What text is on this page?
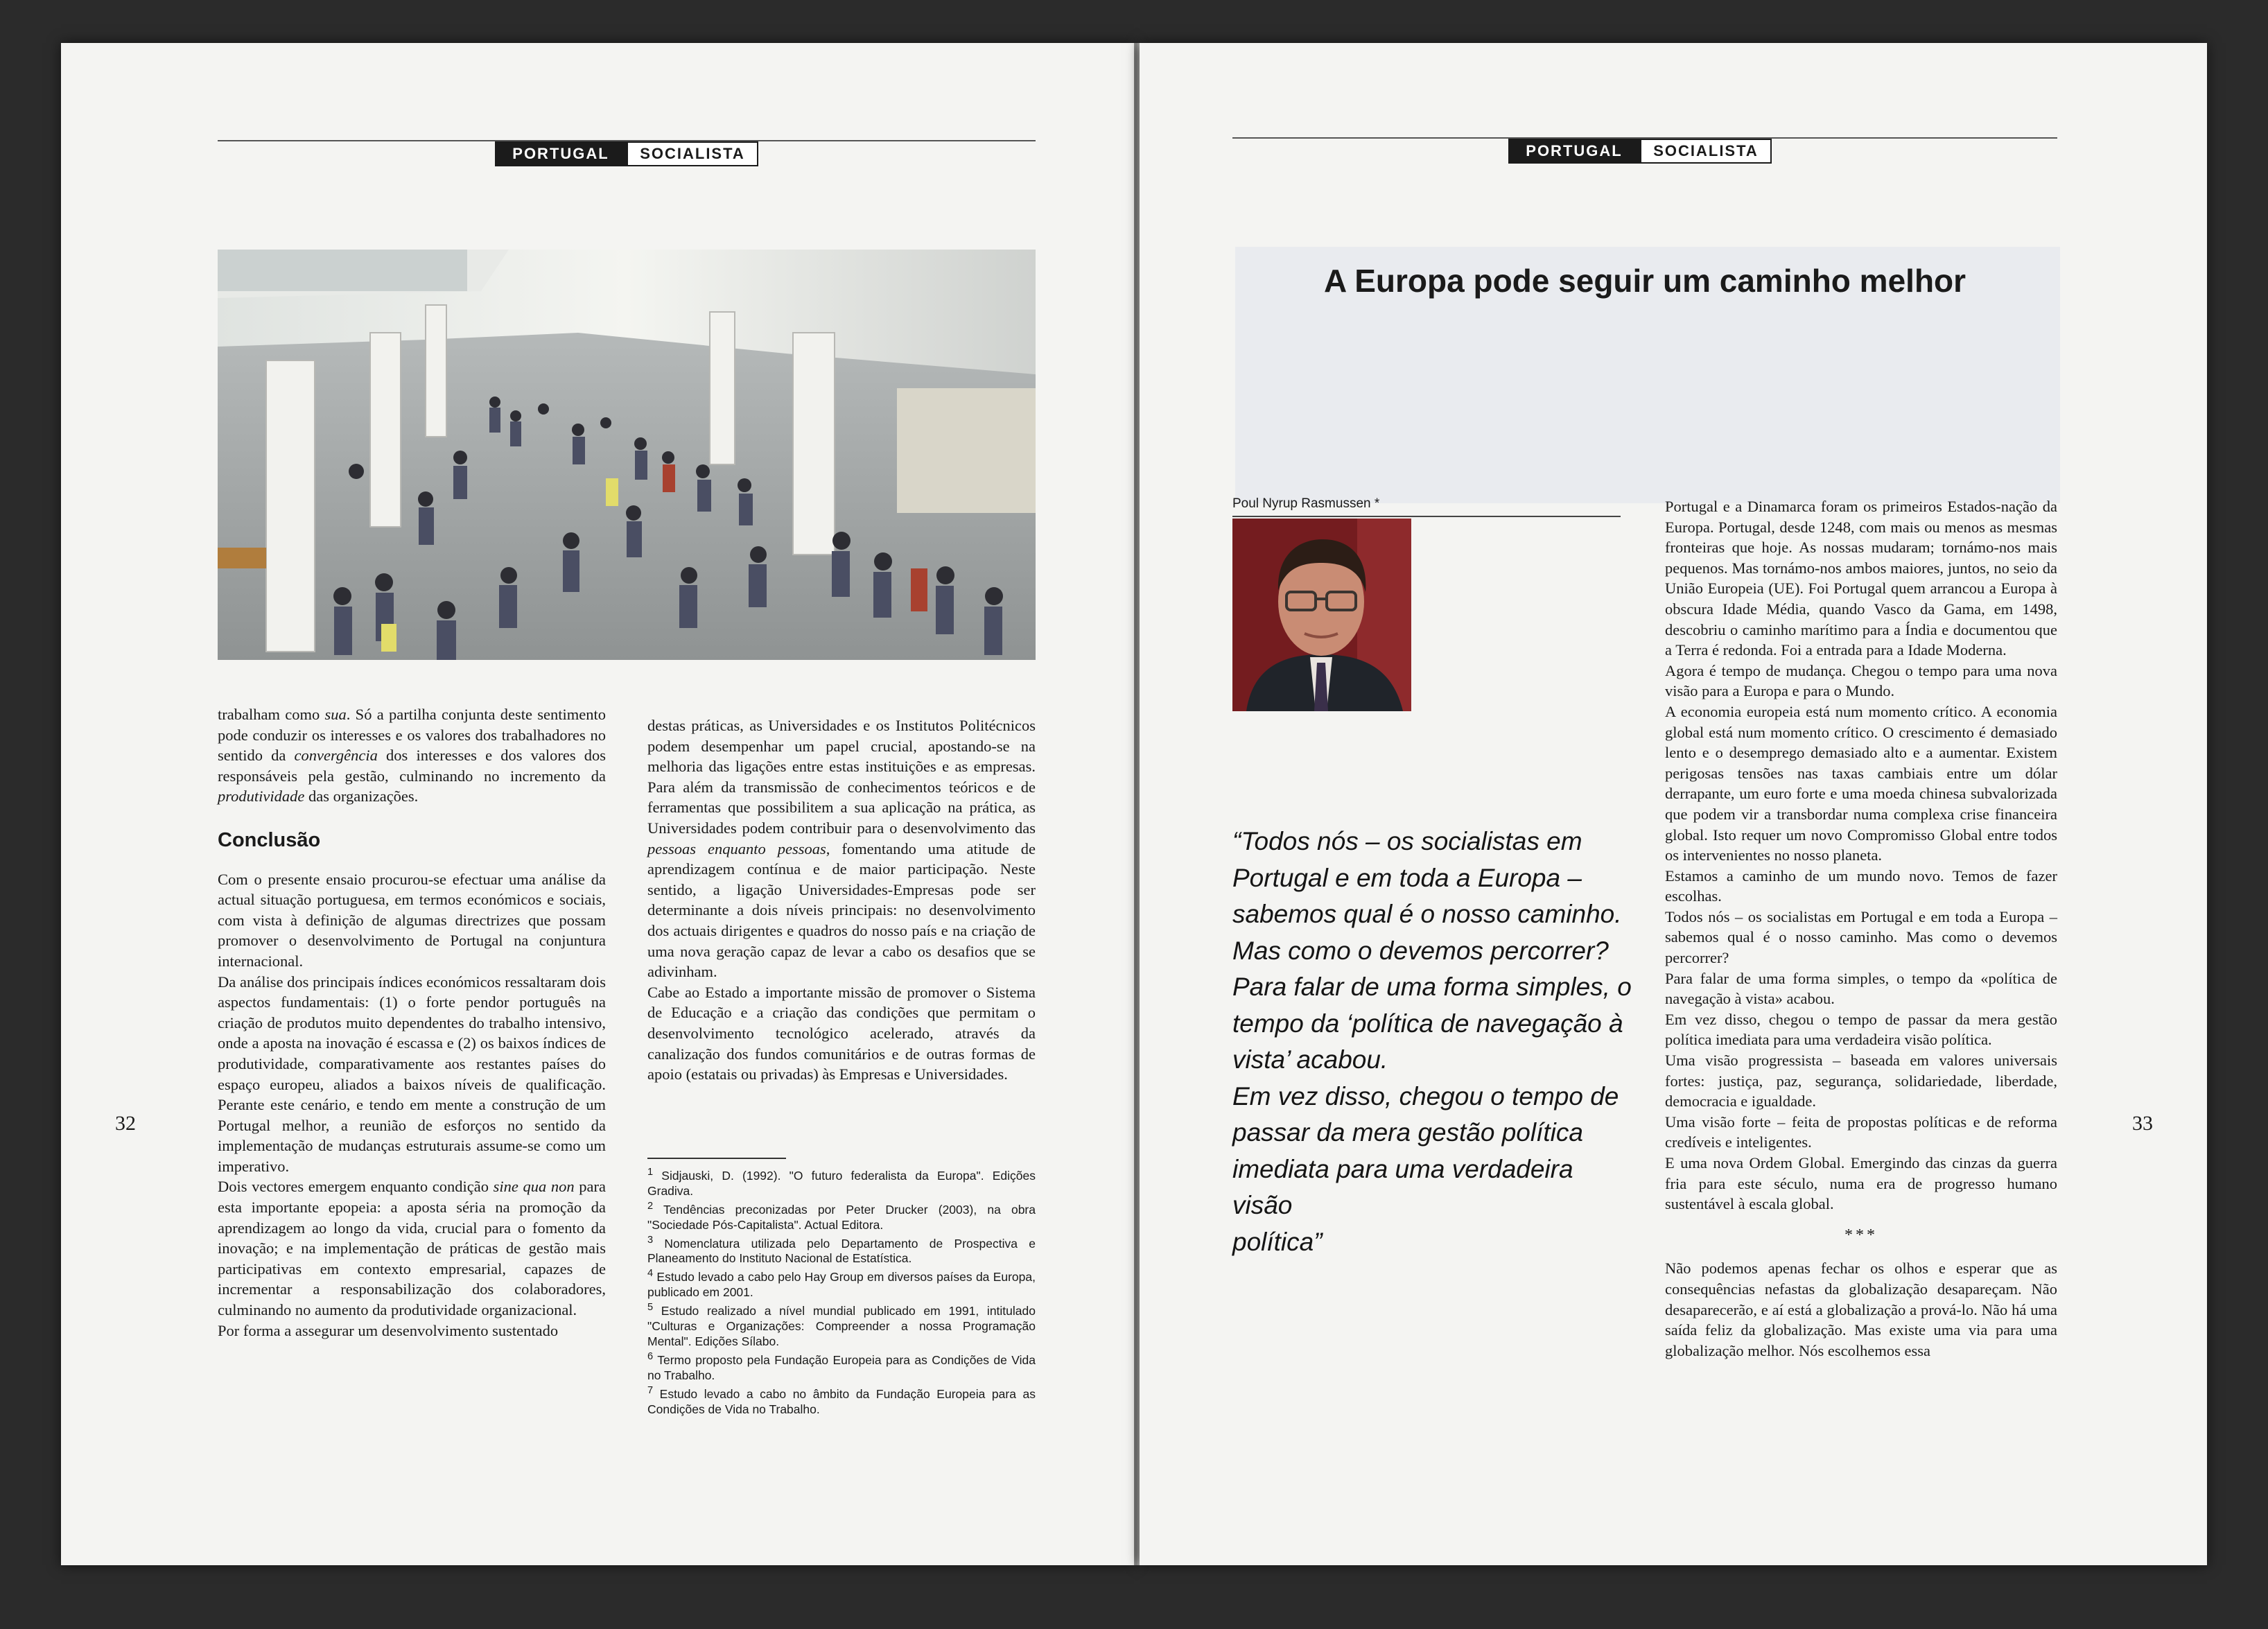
PORTUGAL	SOCIALISTA

trabalham como sua. Só a partilha conjunta deste sentimento pode conduzir os interesses e os valores dos trabalhadores no sentido da convergência dos interesses e dos valores dos responsáveis pela gestão, culminando no incremento da produtividade das organizações.

Conclusão

Com o presente ensaio procurou-se efectuar uma análise da actual situação portuguesa, em termos económicos e sociais, com vista à definição de algumas directrizes que possam promover o desenvolvimento de Portugal na conjuntura internacional.

Da análise dos principais índices económicos ressaltaram dois aspectos fundamentais: (1) o forte pendor português na criação de produtos muito dependentes do trabalho intensivo, onde a aposta na inovação é escassa e (2) os baixos índices de produtividade, comparativamente aos restantes países do espaço europeu, aliados a baixos níveis de qualificação. Perante este cenário, e tendo em mente a construção de um Portugal melhor, a reunião de esforços no sentido da implementação de mudanças estruturais assume-se como um imperativo.

Dois vectores emergem enquanto condição sine qua non para esta importante epopeia: a aposta séria na promoção da aprendizagem ao longo da vida, crucial para o fomento da inovação; e na implementação de práticas de gestão mais participativas em contexto empresarial, capazes de incrementar a responsabilização dos colaboradores, culminando no aumento da produtividade organizacional.

Por forma a assegurar um desenvolvimento sustentado

destas práticas, as Universidades e os Institutos Politécnicos podem desempenhar um papel crucial, apostando-se na melhoria das ligações entre estas instituições e as empresas. Para além da transmissão de conhecimentos teóricos e de ferramentas que possibilitem a sua aplicação na prática, as Universidades podem contribuir para o desenvolvimento das pessoas enquanto pessoas, fomentando uma atitude de aprendizagem contínua e de maior participação. Neste sentido, a ligação Universidades-Empresas pode ser determinante a dois níveis principais: no desenvolvimento dos actuais dirigentes e quadros do nosso país e na criação de uma nova geração capaz de levar a cabo os desafios que se adivinham.

Cabe ao Estado a importante missão de promover o Sistema de Educação e a criação das condições que permitam o desenvolvimento tecnológico acelerado, através da canalização dos fundos comunitários e de outras formas de apoio (estatais ou privadas) às Empresas e Universidades.

$^1$ Sidjauski, D. (1992). "O futuro federalista da Europa". Edições Gradiva.

$^2$ Tendências preconizadas por Peter Drucker (2003), na obra "Sociedade Pós-Capitalista". Actual Editora.

$^3$ Nomenclatura utilizada pelo Departamento de Prospectiva e Planeamento do Instituto Nacional de Estatística.

$^4$ Estudo levado a cabo pelo Hay Group em diversos países da Europa, publicado em 2001.

$^5$ Estudo realizado a nível mundial publicado em 1991, intitulado "Culturas e Organizações: Compreender a nossa Programação Mental". Edições Sílabo.

$^6$ Termo proposto pela Fundação Europeia para as Condições de Vida no Trabalho.

$^7$ Estudo levado a cabo no âmbito da Fundação Europeia para as Condições de Vida no Trabalho.

32
PORTUGAL	SOCIALISTA
A Europa pode seguir um caminho melhor
Poul Nyrup Rasmussen *

“Todos nós – os socialistas em

Portugal e em toda a Europa –

sabemos qual é o nosso caminho.

Mas como o devemos percorrer?

Para falar de uma forma simples, o

tempo da ‘política de navegação à

vista’ acabou.

Em vez disso, chegou o tempo de

passar da mera gestão política

imediata para uma verdadeira visão

política”

Portugal e a Dinamarca foram os primeiros Estados-nação da Europa. Portugal, desde 1248, com mais ou menos as mesmas fronteiras que hoje. As nossas mudaram; tornámo-nos mais pequenos. Mas tornámo-nos ambos maiores, juntos, no seio da União Europeia (UE). Foi Portugal quem arrancou a Europa à obscura Idade Média, quando Vasco da Gama, em 1498, descobriu o caminho marítimo para a Índia e documentou que a Terra é redonda. Foi a entrada para a Idade Moderna.

Agora é tempo de mudança. Chegou o tempo para uma nova visão para a Europa e para o Mundo.

A economia europeia está num momento crítico. A economia global está num momento crítico. O crescimento é demasiado lento e o desemprego demasiado alto e a aumentar. Existem perigosas tensões nas taxas cambiais entre um dólar derrapante, um euro forte e uma moeda chinesa subvalorizada que podem vir a transbordar numa complexa crise financeira global. Isto requer um novo Compromisso Global entre todos os intervenientes no nosso planeta.

Estamos a caminho de um mundo novo. Temos de fazer escolhas.

Todos nós – os socialistas em Portugal e em toda a Europa – sabemos qual é o nosso caminho. Mas como o devemos percorrer?

Para falar de uma forma simples, o tempo da «política de navegação à vista» acabou.

Em vez disso, chegou o tempo de passar da mera gestão política imediata para uma verdadeira visão política.

Uma visão progressista – baseada em valores universais fortes: justiça, paz, segurança, solidariedade, liberdade, democracia e igualdade.

Uma visão forte – feita de propostas políticas e de reforma credíveis e inteligentes.

E uma nova Ordem Global. Emergindo das cinzas da guerra fria para este século, numa era de progresso humano sustentável à escala global.

***

Não podemos apenas fechar os olhos e esperar que as consequências nefastas da globalização desapareçam. Não desaparecerão, e aí está a globalização a prová-lo. Não há uma saída feliz da globalização. Mas existe uma via para uma globalização melhor. Nós escolhemos essa

33
